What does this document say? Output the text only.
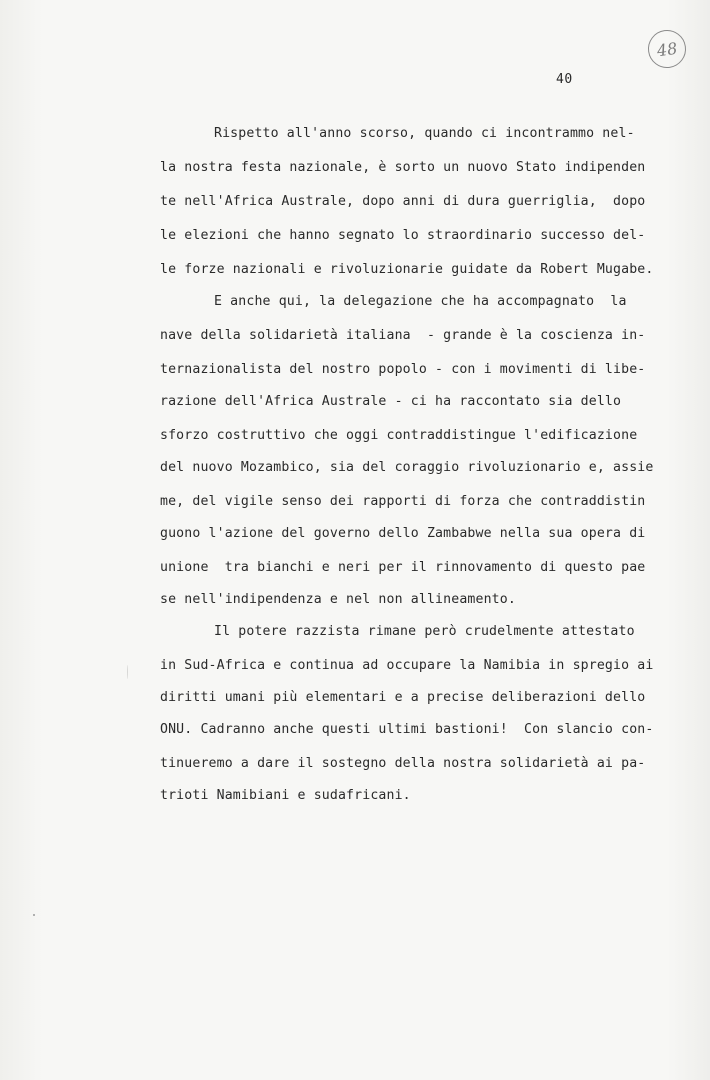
48
40
Rispetto all'anno scorso, quando ci incontrammo nel-
la nostra festa nazionale, è sorto un nuovo Stato indipenden
te nell'Africa Australe, dopo anni di dura guerriglia,  dopo
le elezioni che hanno segnato lo straordinario successo del-
le forze nazionali e rivoluzionarie guidate da Robert Mugabe.
E anche qui, la delegazione che ha accompagnato  la
nave della solidarietà italiana  - grande è la coscienza in-
ternazionalista del nostro popolo - con i movimenti di libe-
razione dell'Africa Australe - ci ha raccontato sia dello
sforzo costruttivo che oggi contraddistingue l'edificazione
del nuovo Mozambico, sia del coraggio rivoluzionario e, assie
me, del vigile senso dei rapporti di forza che contraddistin
guono l'azione del governo dello Zambabwe nella sua opera di
unione  tra bianchi e neri per il rinnovamento di questo pae
se nell'indipendenza e nel non allineamento.
Il potere razzista rimane però crudelmente attestato
in Sud-Africa e continua ad occupare la Namibia in spregio ai
diritti umani più elementari e a precise deliberazioni dello
ONU. Cadranno anche questi ultimi bastioni!  Con slancio con-
tinueremo a dare il sostegno della nostra solidarietà ai pa-
trioti Namibiani e sudafricani.
